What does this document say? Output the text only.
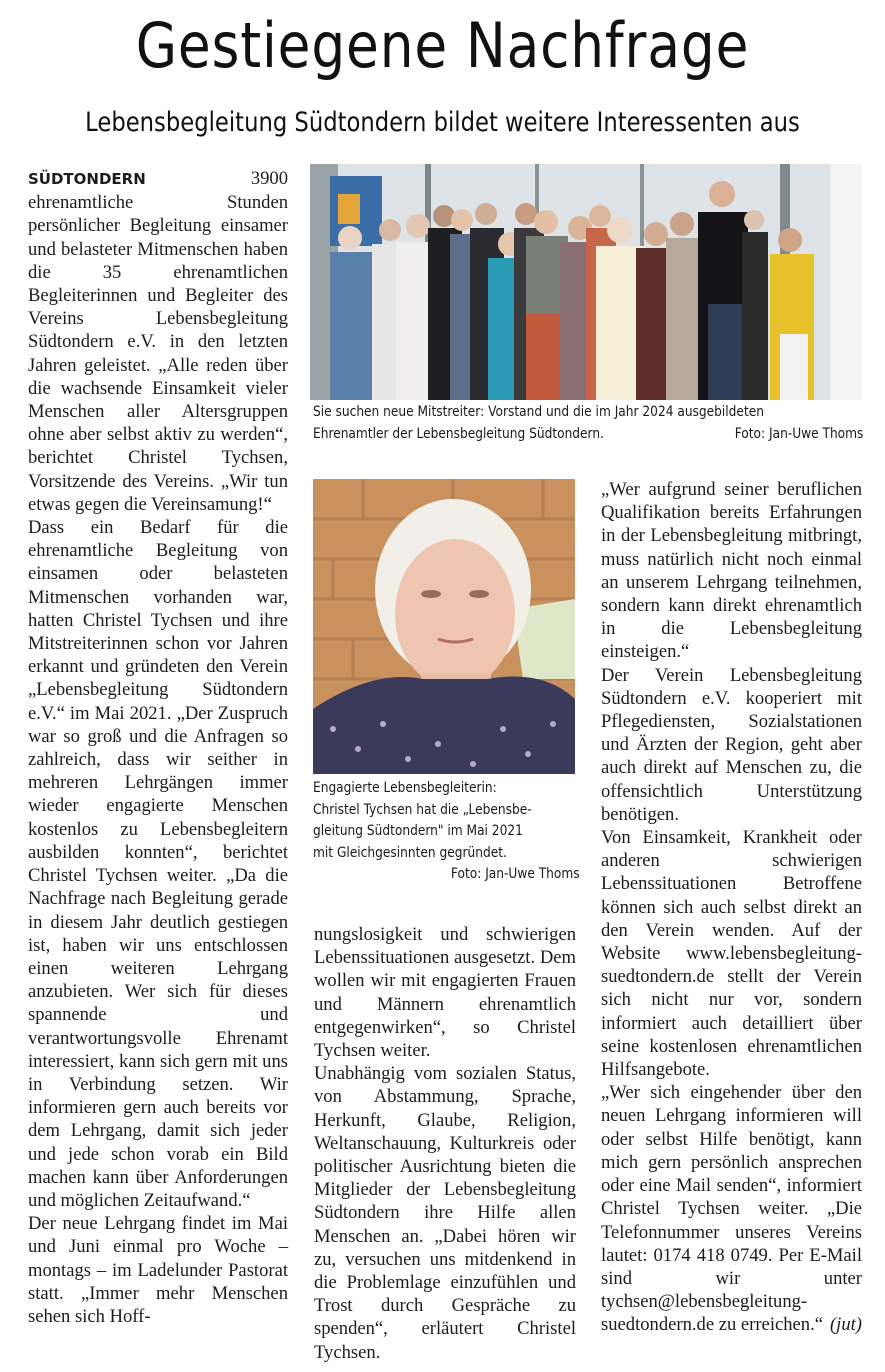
Gestiegene Nachfrage
Lebensbegleitung Südtondern bildet weitere Interessenten aus
Sie suchen neue Mitstreiter: Vorstand und die im Jahr 2024 ausgebildeten
Ehrenamtler der Lebensbegleitung Südtondern.	Foto: Jan-Uwe Thoms
Engagierte Lebensbegleiterin:
Christel Tychsen hat die „Lebensbe-
gleitung Südtondern" im Mai 2021
mit Gleichgesinnten gegründet.
Foto: Jan-Uwe Thoms

SÜDTONDERN	3900 ehrenamtliche Stunden persönlicher Begleitung einsamer und belasteter Mitmenschen haben die 35 ehrenamtlichen Begleiterinnen und Begleiter des Vereins Lebensbegleitung Südtondern e.V. in den letzten Jahren geleistet. „Alle reden über die wachsende Einsamkeit vieler Menschen aller Altersgruppen ohne aber selbst aktiv zu werden“, berichtet Christel Tychsen, Vorsitzende des Vereins. „Wir tun etwas gegen die Vereinsamung!“

Dass ein Bedarf für die ehrenamtliche Begleitung von einsamen oder belasteten Mitmenschen vorhanden war, hatten Christel Tychsen und ihre Mitstreiterinnen schon vor Jahren erkannt und gründeten den Verein „Lebensbegleitung Südtondern e.V.“ im Mai 2021. „Der Zuspruch war so groß und die Anfragen so zahlreich, dass wir seither in mehreren Lehrgängen immer wieder engagierte Menschen kostenlos zu Lebensbegleitern ausbilden konnten“, berichtet Christel Tychsen weiter. „Da die Nachfrage nach Begleitung gerade in diesem Jahr deutlich gestiegen ist, haben wir uns entschlossen einen weiteren Lehrgang anzubieten. Wer sich für dieses spannende und verantwortungsvolle Ehrenamt interessiert, kann sich gern mit uns in Verbindung setzen. Wir informieren gern auch bereits vor dem Lehrgang, damit sich jeder und jede schon vorab ein Bild machen kann über Anforderungen und möglichen Zeitaufwand.“

Der neue Lehrgang findet im Mai und Juni einmal pro Woche – montags – im Ladelunder Pastorat statt. „Immer mehr Menschen sehen sich Hoff-

nungslosigkeit und schwierigen Lebenssituationen ausgesetzt. Dem wollen wir mit engagierten Frauen und Männern ehrenamtlich entgegenwirken“, so Christel Tychsen weiter.

Unabhängig vom sozialen Status, von Abstammung, Sprache, Herkunft, Glaube, Religion, Weltanschauung, Kulturkreis oder politischer Ausrichtung bieten die Mitglieder der Lebensbegleitung Südtondern ihre Hilfe allen Menschen an. „Dabei hören wir zu, versuchen uns mitdenkend in die Problemlage einzufühlen und Trost durch Gespräche zu spenden“, erläutert Christel Tychsen.

„Wer aufgrund seiner beruflichen Qualifikation bereits Erfahrungen in der Lebensbegleitung mitbringt, muss natürlich nicht noch einmal an unserem Lehrgang teilnehmen, sondern kann direkt ehrenamtlich in die Lebensbegleitung einsteigen.“

Der Verein Lebensbegleitung Südtondern e.V. kooperiert mit Pflegediensten, Sozialstationen und Ärzten der Region, geht aber auch direkt auf Menschen zu, die offensichtlich Unterstützung benötigen.

Von Einsamkeit, Krankheit oder anderen schwierigen Lebenssituationen Betroffene können sich auch selbst direkt an den Verein wenden. Auf der Website www.lebensbegleitung-suedtondern.de stellt der Verein sich nicht nur vor, sondern informiert auch detailliert über seine kostenlosen ehrenamtlichen Hilfsangebote.

„Wer sich eingehender über den neuen Lehrgang informieren will oder selbst Hilfe benötigt, kann mich gern persönlich ansprechen oder eine Mail senden“, informiert Christel Tychsen weiter. „Die Telefonnummer unseres Vereins lautet: 0174 418 0749. Per E-Mail sind wir unter tychsen@lebensbegleitung-suedtondern.de zu erreichen.“ (jut)
